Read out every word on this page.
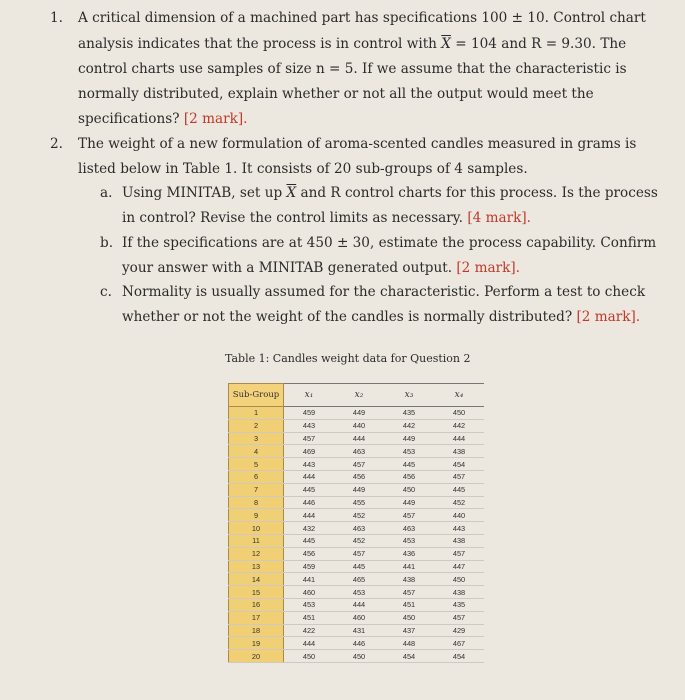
1. A critical dimension of a machined part has specifications 100 ± 10. Control chart
analysis indicates that the process is in control with $\overline{X} = 104$ and R = 9.30. The
control charts use samples of size n = 5. If we assume that the characteristic is
normally distributed, explain whether or not all the output would meet the
specifications? [2 mark].
2. The weight of a new formulation of aroma-scented candles measured in grams is
listed below in Table 1. It consists of 20 sub-groups of 4 samples.
a. Using MINITAB, set up $\overline{X}$ and R control charts for this process. Is the process
in control? Revise the control limits as necessary. [4 mark].
b. If the specifications are at 450 ± 30, estimate the process capability. Confirm
your answer with a MINITAB generated output. [2 mark].
c. Normality is usually assumed for the characteristic. Perform a test to check
whether or not the weight of the candles is normally distributed? [2 mark].
Table 1: Candles weight data for Question 2
Sub-Group	x₁	x₂	x₃	x₄
1	459	449	435	450
2	443	440	442	442
3	457	444	449	444
4	469	463	453	438
5	443	457	445	454
6	444	456	456	457
7	445	449	450	445
8	446	455	449	452
9	444	452	457	440
10	432	463	463	443
11	445	452	453	438
12	456	457	436	457
13	459	445	441	447
14	441	465	438	450
15	460	453	457	438
16	453	444	451	435
17	451	460	450	457
18	422	431	437	429
19	444	446	448	467
20	450	450	454	454
